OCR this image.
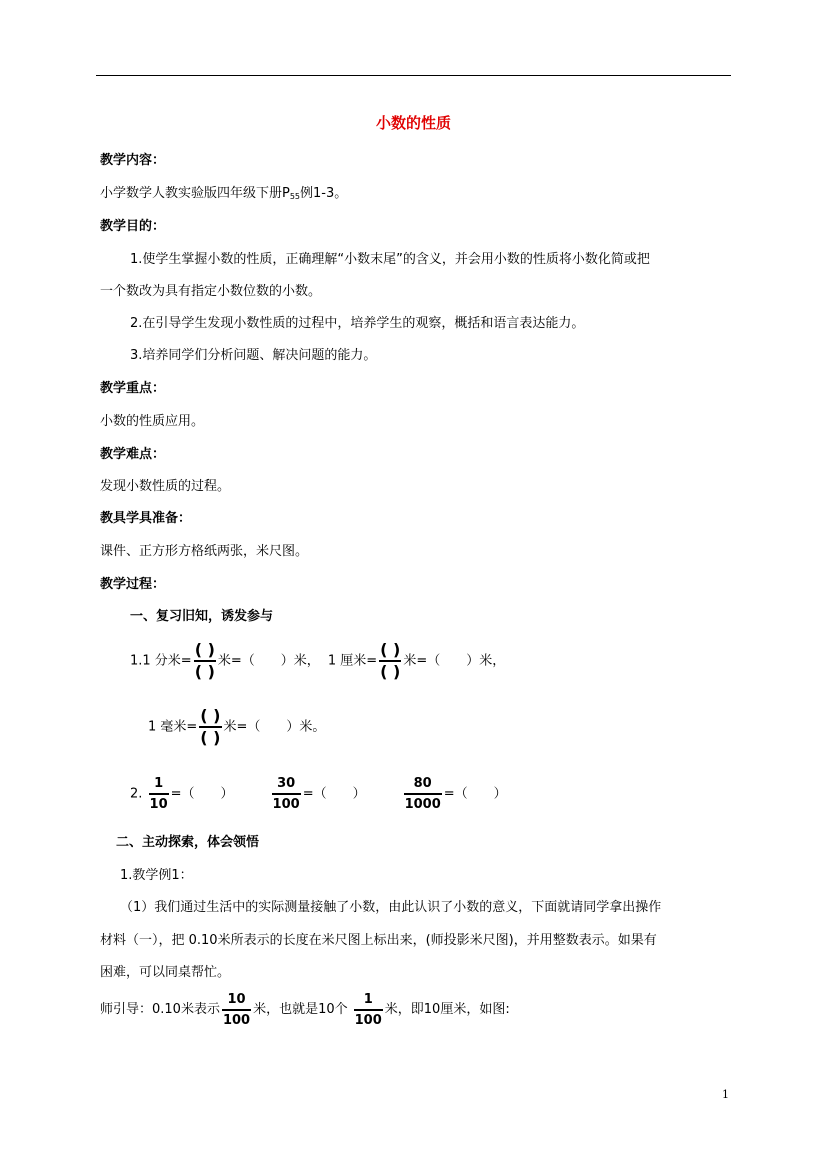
小数的性质
教学内容：
小学数学人教实验版四年级下册$P_{55}$例1-3。
教学目的：
1.使学生掌握小数的性质，正确理解“小数末尾”的含义，并会用小数的性质将小数化简或把
一个数改为具有指定小数位数的小数。
2.在引导学生发现小数性质的过程中，培养学生的观察，概括和语言表达能力。
3.培养同学们分析问题、解决问题的能力。
教学重点：
小数的性质应用。
教学难点：
发现小数性质的过程。
教具学具准备：
课件、正方形方格纸两张，米尺图。
教学过程：
一、复习旧知，诱发参与
1.1 分米= $\frac{( )}{( )}$ 米=（　　）米， 1 厘米= $\frac{( )}{( )}$ 米=（　　）米，
1 毫米= $\frac{( )}{( )}$ 米=（　　）米。
2. $\frac{1}{10}$ =（　　）	$\frac{30}{100}$ =（　　）	$\frac{80}{1000}$ =（　　）
二、主动探索，体会领悟
1.教学例1：
（1）我们通过生活中的实际测量接触了小数，由此认识了小数的意义，下面就请同学拿出操作
材料（一），把 0.10米所表示的长度在米尺图上标出来，(师投影米尺图)，并用整数表示。如果有
困难，可以同桌帮忙。
师引导：0.10米表示 $\frac{10}{100}$ 米，也就是10个 $\frac{1}{100}$ 米，即10厘米，如图:
1
